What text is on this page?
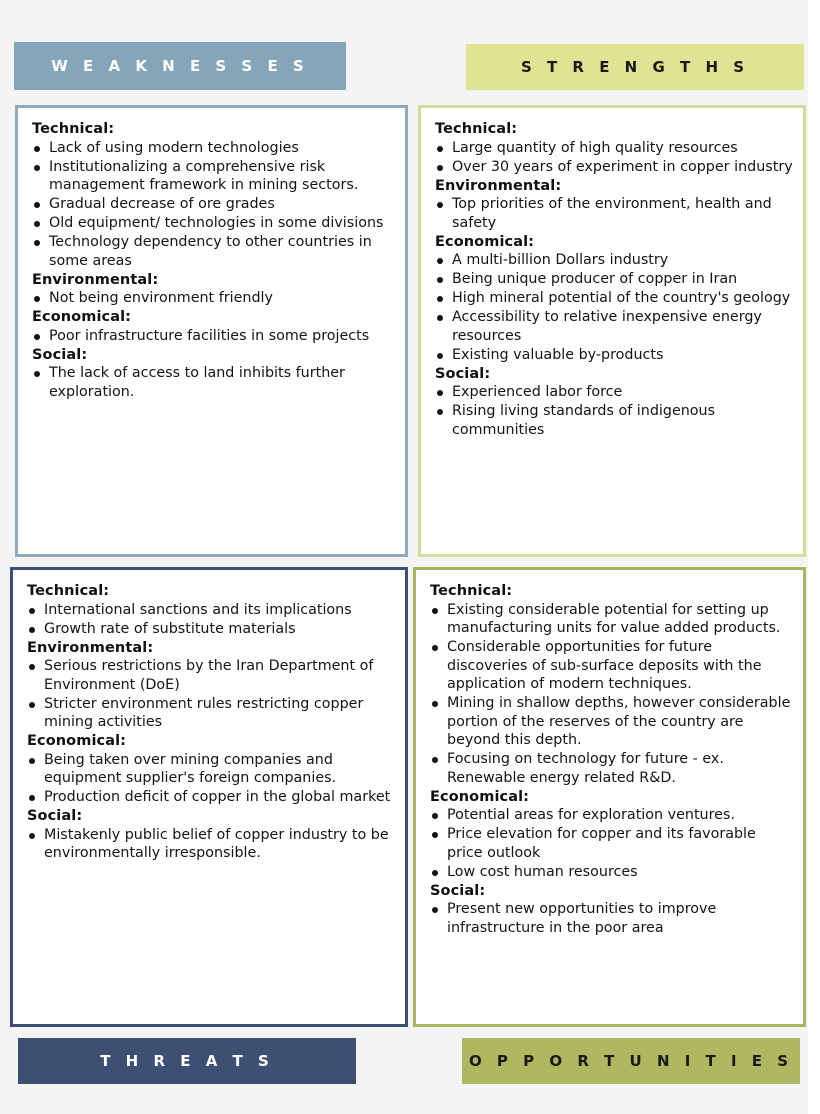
W E A K N E S S E S
Technical:
Lack of using modern technologies
Institutionalizing a comprehensive risk management framework in mining sectors.
Gradual decrease of ore grades
Old equipment/ technologies in some divisions
Technology dependency to other countries in some areas
Environmental:
Not being environment friendly
Economical:
Poor infrastructure facilities in some projects
Social:
The lack of access to land inhibits further exploration.
S T R E N G T H S
Technical:
Large quantity of high quality resources
Over 30 years of experiment in copper industry
Environmental:
Top priorities of the environment, health and safety
Economical:
A multi-billion Dollars industry
Being unique producer of copper in Iran
High mineral potential of the country's geology
Accessibility to relative inexpensive energy resources
Existing valuable by-products
Social:
Experienced labor force
Rising living standards of indigenous communities
Technical:
International sanctions and its implications
Growth rate of substitute materials
Environmental:
Serious restrictions by the Iran Department of Environment (DoE)
Stricter environment rules restricting copper mining activities
Economical:
Being taken over mining companies and equipment supplier's foreign companies.
Production deficit of copper in the global market
Social:
Mistakenly public belief of copper industry to be environmentally irresponsible.
T H R E A T S
Technical:
Existing considerable potential for setting up manufacturing units for value added products.
Considerable opportunities for future discoveries of sub-surface deposits with the application of modern techniques.
Mining in shallow depths, however considerable portion of the reserves of the country are beyond this depth.
Focusing on technology for future - ex. Renewable energy related R&D.
Economical:
Potential areas for exploration ventures.
Price elevation for copper and its favorable price outlook
Low cost human resources
Social:
Present new opportunities to improve infrastructure in the poor area
O P P O R T U N I T I E S
